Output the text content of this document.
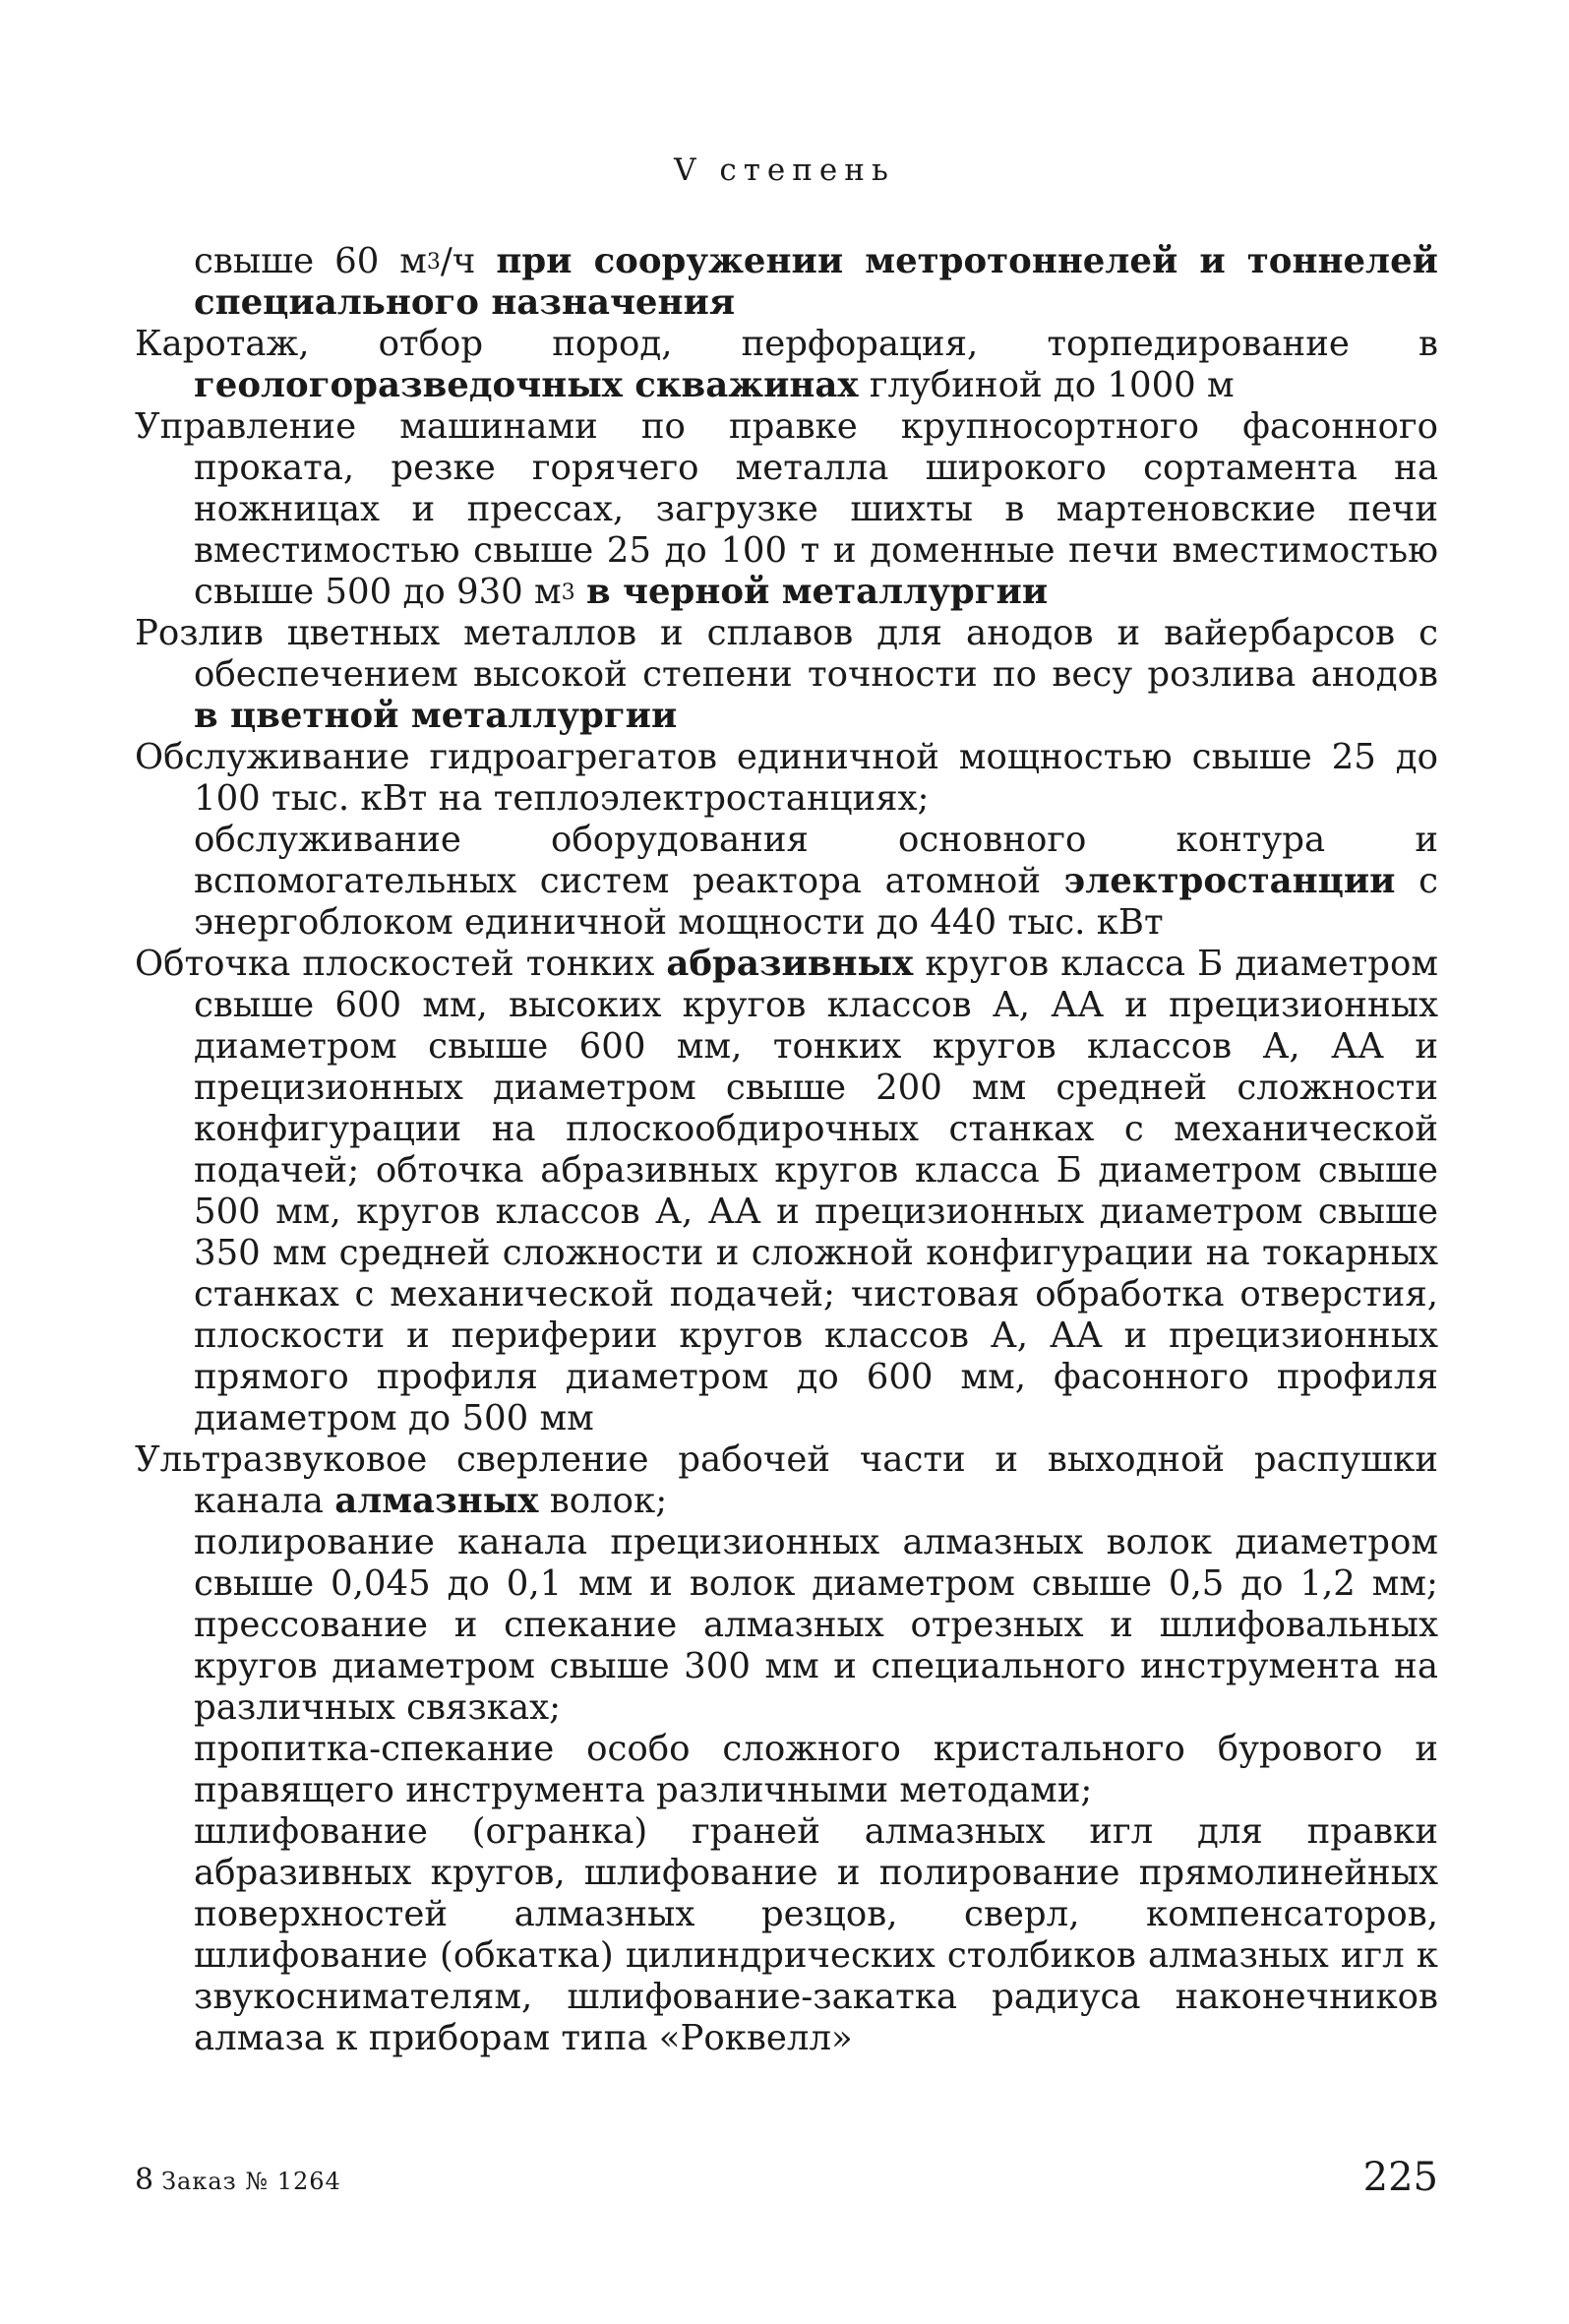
V степень

свыше 60 $м^3/ч$ при сооружении метротоннелей и тоннелей специального назначения

Каротаж, отбор пород, перфорация, торпедирование в геологоразведочных скважинах глубиной до 1000 м

Управление машинами по правке крупносортного фасонного проката, резке горячего металла широкого сортамента на ножницах и прессах, загрузке шихты в мартеновские печи вместимостью свыше 25 до 100 т и доменные печи вместимостью свыше 500 до 930 $м^3$ в черной металлургии

Розлив цветных металлов и сплавов для анодов и вайербарсов с обеспечением высокой степени точности по весу розлива анодов в цветной металлургии

Обслуживание гидроагрегатов единичной мощностью свыше 25 до 100 тыс. кВт на теплоэлектростанциях;

обслуживание оборудования основного контура и вспомогательных систем реактора атомной электростанции с энергоблоком единичной мощности до 440 тыс. кВт

Обточка плоскостей тонких абразивных кругов класса Б диаметром свыше 600 мм, высоких кругов классов А, АА и прецизионных диаметром свыше 600 мм, тонких кругов классов А, АА и прецизионных диаметром свыше 200 мм средней сложности конфигурации на плоскообдирочных станках с механической подачей; обточка абразивных кругов класса Б диаметром свыше 500 мм, кругов классов А, АА и прецизионных диаметром свыше 350 мм средней сложности и сложной конфигурации на токарных станках с механической подачей; чистовая обработка отверстия, плоскости и периферии кругов классов А, АА и прецизионных прямого профиля диаметром до 600 мм, фасонного профиля диаметром до 500 мм

Ультразвуковое сверление рабочей части и выходной распушки канала алмазных волок;

полирование канала прецизионных алмазных волок диаметром свыше 0,045 до 0,1 мм и волок диаметром свыше 0,5 до 1,2 мм; прессование и спекание алмазных отрезных и шлифовальных кругов диаметром свыше 300 мм и специального инструмента на различных связках;

пропитка-спекание особо сложного кристального бурового и правящего инструмента различными методами;

шлифование (огранка) граней алмазных игл для правки абразивных кругов, шлифование и полирование прямолинейных поверхностей алмазных резцов, сверл, компенсаторов, шлифование (обкатка) цилиндрических столбиков алмазных игл к звукоснимателям, шлифование-закатка радиуса наконечников алмаза к приборам типа «Роквелл»

8 Заказ № 1264	225
